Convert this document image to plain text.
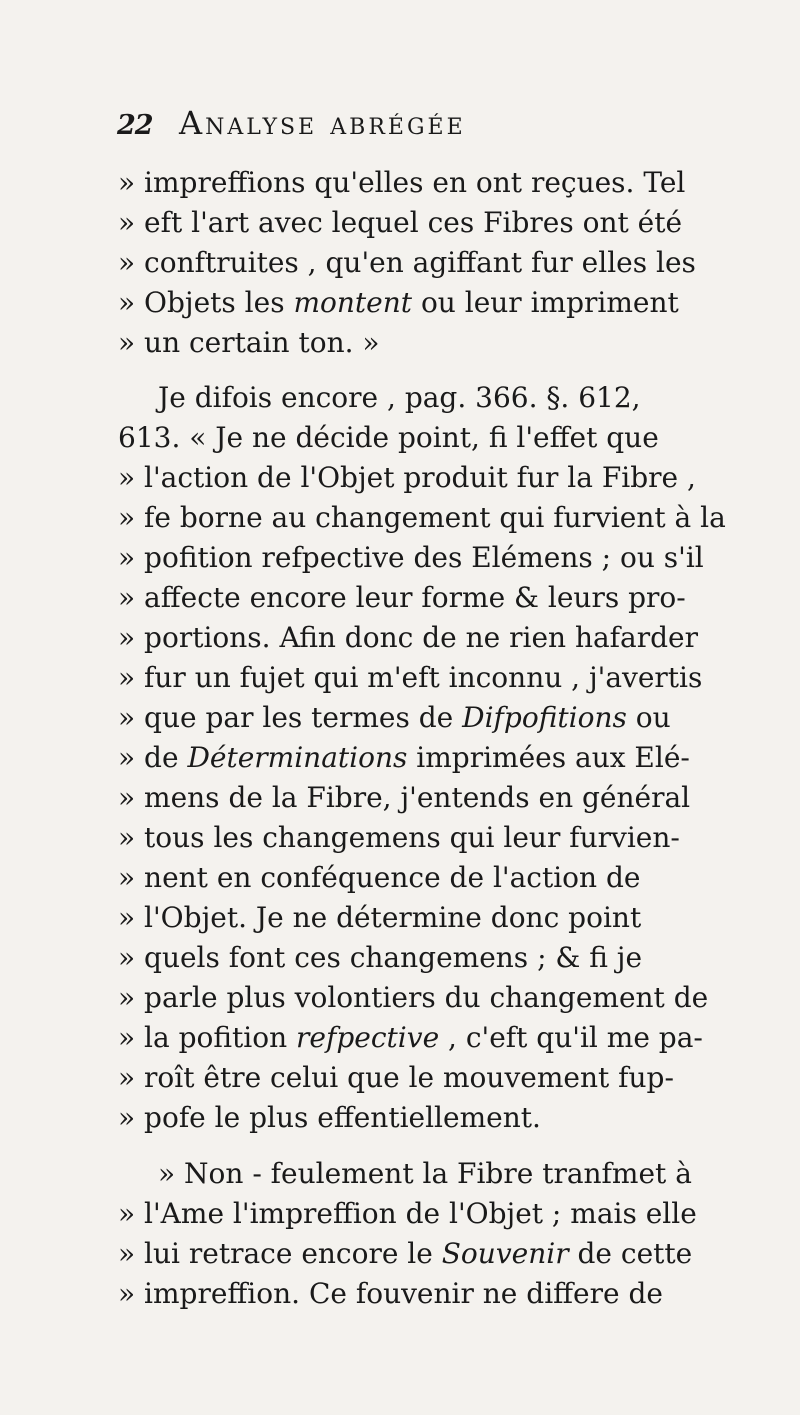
22 Analyse abrégée
» impreffions qu'elles en ont reçues. Tel
» eft l'art avec lequel ces Fibres ont été
» conftruites , qu'en agiffant fur elles les
» Objets les montent ou leur impriment
» un certain ton. »
Je difois encore , pag. 366. §. 612,
613. « Je ne décide point, fi l'effet que
» l'action de l'Objet produit fur la Fibre ,
» fe borne au changement qui furvient à la
» pofition refpective des Elémens ; ou s'il
» affecte encore leur forme & leurs pro-
» portions. Afin donc de ne rien hafarder
» fur un fujet qui m'eft inconnu , j'avertis
» que par les termes de Difpofitions ou
» de Déterminations imprimées aux Elé-
» mens de la Fibre, j'entends en général
» tous les changemens qui leur furvien-
» nent en conféquence de l'action de
» l'Objet. Je ne détermine donc point
» quels font ces changemens ; & fi je
» parle plus volontiers du changement de
» la pofition refpective , c'eft qu'il me pa-
» roît être celui que le mouvement fup-
» pofe le plus effentiellement.
» Non - feulement la Fibre tranfmet à
» l'Ame l'impreffion de l'Objet ; mais elle
» lui retrace encore le Souvenir de cette
» impreffion. Ce fouvenir ne differe de
